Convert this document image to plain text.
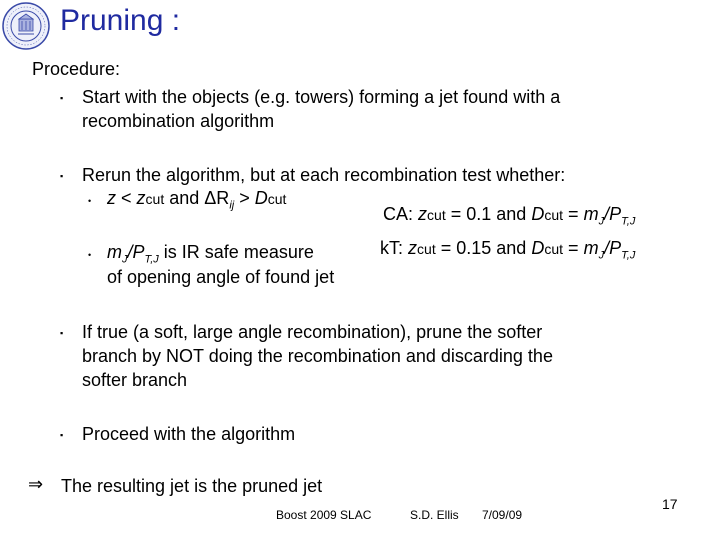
Pruning :
Procedure:
▪ Start with the objects (e.g. towers) forming a jet found with a
recombination algorithm
▪ Rerun the algorithm, but at each recombination test whether:
• z < zcut and $\Delta R_{ij}$ > Dcut
CA: zcut = 0.1 and Dcut = $m_J/P_{T,J}$
kT: zcut = 0.15 and Dcut = $m_J/P_{T,J}$
• $m_J/P_{T,J}$ is IR safe measure
of opening angle of found jet
▪ If true (a soft, large angle recombination), prune the softer
branch by NOT doing the recombination and discarding the
softer branch
▪ Proceed with the algorithm
⇒ The resulting jet is the pruned jet
Boost 2009 SLAC	S.D. Ellis 7/09/09
17
